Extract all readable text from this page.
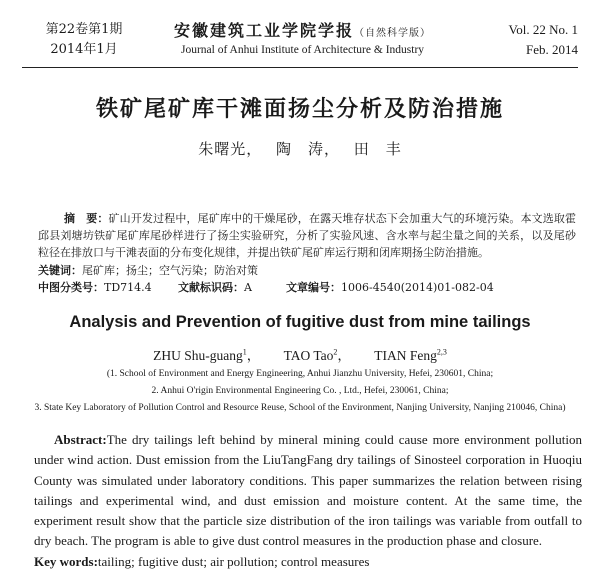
第22卷第1期
2014年1月
安徽建筑工业学院学报（自然科学版）
Journal of Anhui Institute of Architecture & Industry
Vol. 22 No. 1
Feb. 2014
铁矿尾矿库干滩面扬尘分析及防治措施
朱曙光， 陶　涛， 田　丰
摘　要：矿山开发过程中，尾矿库中的干燥尾砂，在露天堆存状态下会加重大气的环境污染。本文选取霍邱县刘塘坊铁矿尾矿库尾砂样进行了扬尘实验研究，分析了实验风速、含水率与起尘量之间的关系，以及尾砂粒径在排放口与干滩表面的分布变化规律，并提出铁矿尾矿库运行期和闭库期扬尘防治措施。
关键词：尾矿库；扬尘；空气污染；防治对策
中图分类号：TD714.4 文献标识码：A	文章编号：1006-4540(2014)01-082-04
Analysis and Prevention of fugitive dust from mine tailings
ZHU Shu-guang$^1$， TAO Tao$^2$， TIAN Feng$^{2,3}$
(1. School of Environment and Energy Engineering, Anhui Jianzhu University, Hefei, 230601, China;
2. Anhui O'rigin Environmental Engineering Co. , Ltd., Hefei, 230061, China;
3. State Key Laboratory of Pollution Control and Resource Reuse, School of the Environment, Nanjing University, Nanjing 210046, China)
Abstract:The dry tailings left behind by mineral mining could cause more environment pollution under wind action. Dust emission from the LiuTangFang dry tailings of Sinosteel corporation in Huoqiu County was simulated under laboratory conditions. This paper summarizes the relation between rising tailings and experimental wind, and dust emission and moisture content. At the same time, the experiment result show that the particle size distribution of the iron tailings was variable from outfall to dry beach. The program is able to give dust control measures in the production phase and closure.
Key words:tailing; fugitive dust; air pollution; control measures
